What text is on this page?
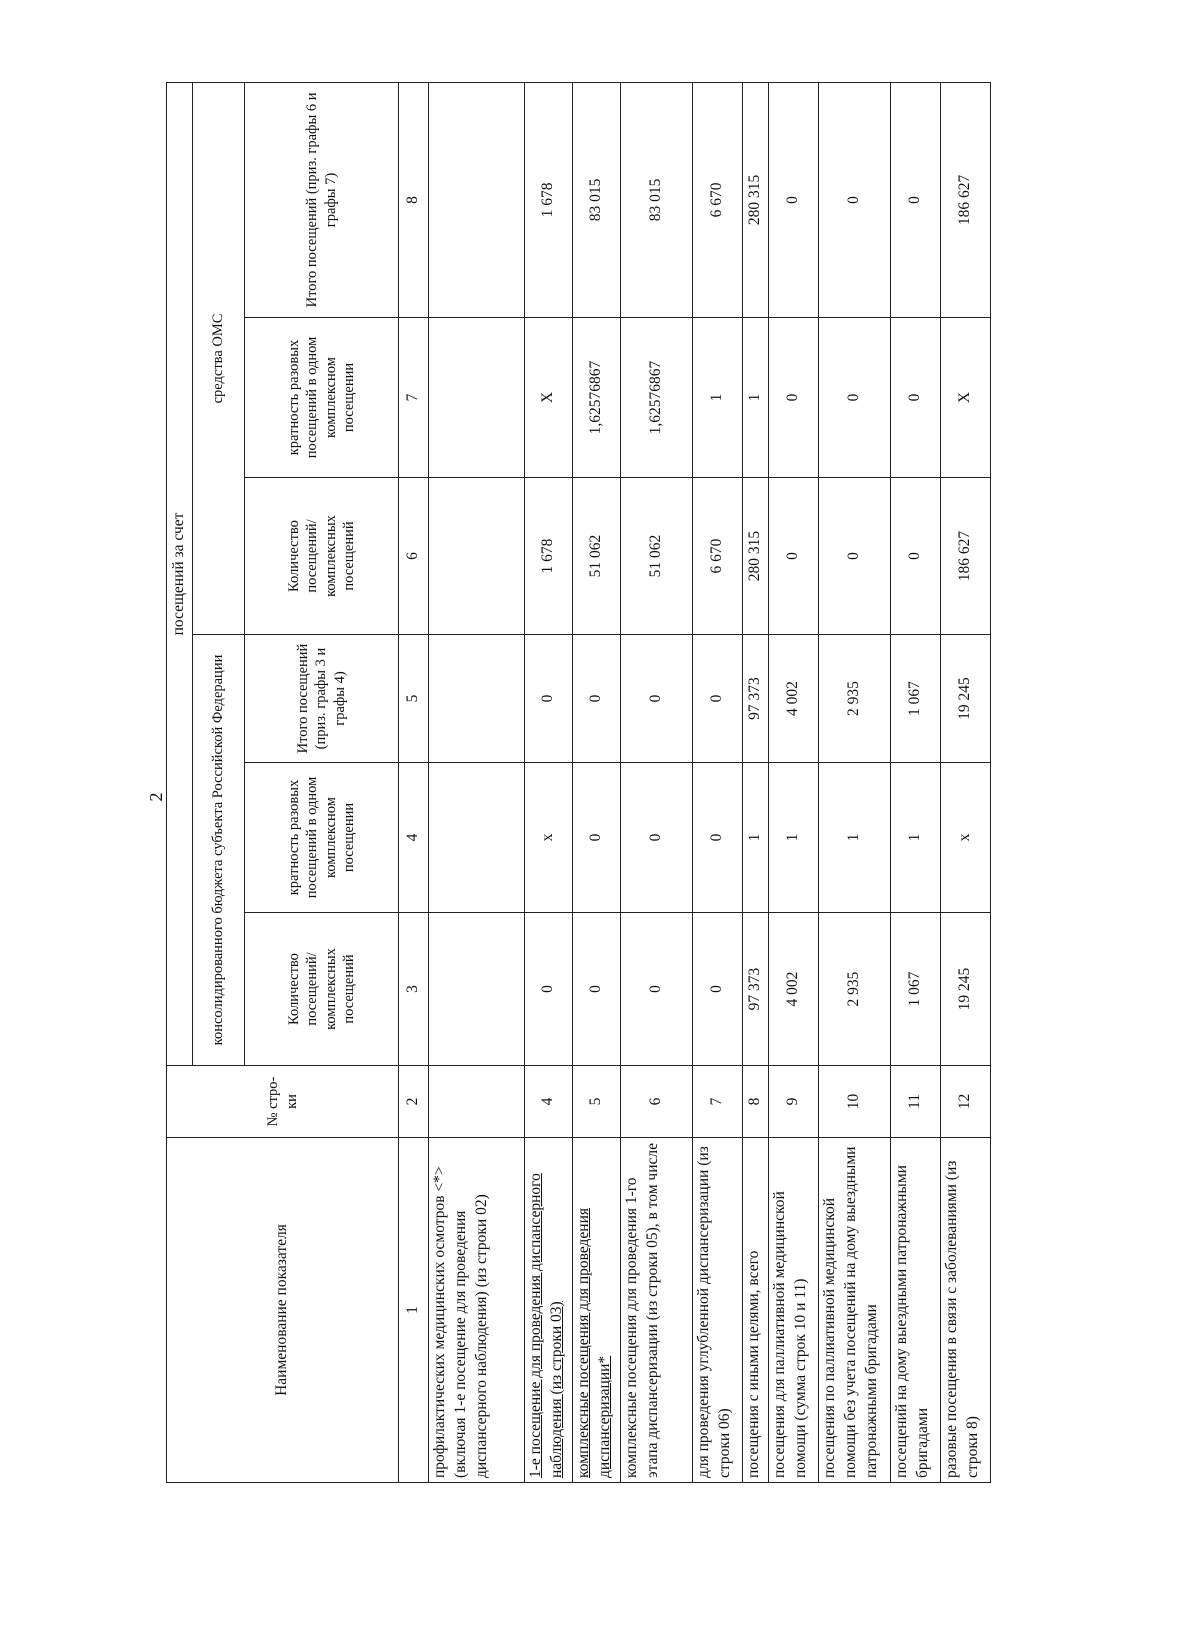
2
Наименование показателя	№ стро-ки	посещений за счет					
		консолидированного бюджета субъекта Российской Федерации			средства ОМС		
		Количество посещений/ комплексных посещений	кратность разовых посещений в одном комплексном посещении	Итого посещений (приз. графы 3 и графы 4)	Количество посещений/ комплексных посещений	кратность разовых посещений в одном комплексном посещении	Итого посещений (приз. графы 6 и графы 7)
1	2	3	4	5	6	7	8
профилактических медицинских осмотров <*> (включая 1-е посещение для проведения диспансерного наблюдения) (из строки 02)							
1-е посещение для проведения диспансерного наблюдения (из строки 03)	4	0	x	0	1 678	X	1 678
комплексные посещения для проведения диспансеризации*	5	0	0	0	51 062	1,62576867	83 015
комплексные посещения для проведения 1-го этапа диспансеризации (из строки 05), в том числе	6	0	0	0	51 062	1,62576867	83 015
для проведения углубленной диспансеризации (из строки 06)	7	0	0	0	6 670	1	6 670
посещения с иными целями, всего	8	97 373	1	97 373	280 315	1	280 315
посещения для паллиативной медицинской помощи (сумма строк 10 и 11)	9	4 002	1	4 002	0	0	0
посещения по паллиативной медицинской помощи без учета посещений на дому выездными патронажными бригадами	10	2 935	1	2 935	0	0	0
посещений на дому выездными патронажными бригадами	11	1 067	1	1 067	0	0	0
разовые посещения в связи с заболеваниями (из строки 8)	12	19 245	x	19 245	186 627	X	186 627
